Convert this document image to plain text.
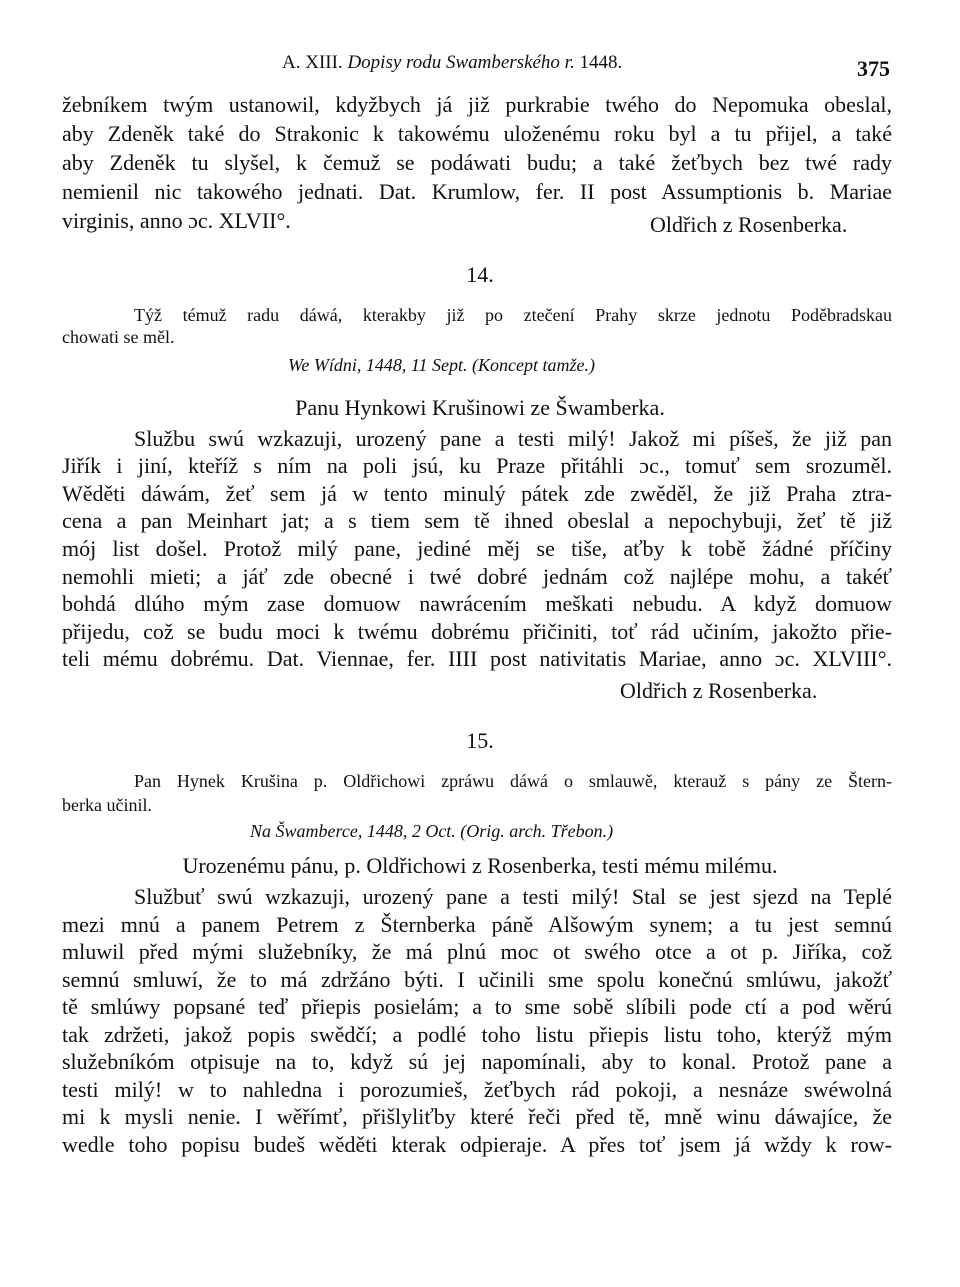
A. XIII. Dopisy rodu Swamberského r. 1448.	375
žebníkem twým ustanowil, kdyžbych já již purkrabie twého do Nepomuka obeslal,
aby Zdeněk také do Strakonic k takowému uloženému roku byl a tu přijel, a také
aby Zdeněk tu slyšel, k čemuž se podáwati budu; a také žeťbych bez twé rady
nemienil nic takowého jednati. Dat. Krumlow, fer. II post Assumptionis b. Mariae
virginis, anno ɔc. XLVII°.	Oldřich z Rosenberka.
14.
Týž témuž radu dáwá, kterakby již po ztečení Prahy skrze jednotu Poděbradskau
chowati se měl.
We Wídni, 1448, 11 Sept. (Koncept tamže.)
Panu Hynkowi Krušinowi ze Šwamberka.
Službu swú wzkazuji, urozený pane a testi milý! Jakož mi píšeš, že již pan
Jiřík i jiní, kteříž s ním na poli jsú, ku Praze přitáhli ɔc., tomuť sem srozuměl.
Wěděti dáwám, žeť sem já w tento minulý pátek zde zwěděl, že již Praha ztra-
cena a pan Meinhart jat; a s tiem sem tě ihned obeslal a nepochybuji, žeť tě již
mój list došel. Protož milý pane, jediné měj se tiše, aťby k tobě žádné příčiny
nemohli mieti; a jáť zde obecné i twé dobré jednám což najlépe mohu, a takéť
bohdá dlúho mým zase domuow nawrácením meškati nebudu. A když domuow
přijedu, což se budu moci k twému dobrému přičiniti, toť rád učiním, jakožto přie-
teli mému dobrému. Dat. Viennae, fer. IIII post nativitatis Mariae, anno ɔc. XLVIII°.
Oldřich z Rosenberka.
15.
Pan Hynek Krušina p. Oldřichowi zpráwu dáwá o smlauwě, kterauž s pány ze Štern-
berka učinil.
Na Šwamberce, 1448, 2 Oct. (Orig. arch. Třebon.)
Urozenému pánu, p. Oldřichowi z Rosenberka, testi mému milému.
Službuť swú wzkazuji, urozený pane a testi milý! Stal se jest sjezd na Teplé
mezi mnú a panem Petrem z Šternberka páně Alšowým synem; a tu jest semnú
mluwil před mými služebníky, že má plnú moc ot swého otce a ot p. Jiříka, což
semnú smluwí, že to má zdržáno býti. I učinili sme spolu konečnú smlúwu, jakožť
tě smlúwy popsané teď přiepis posielám; a to sme sobě slíbili pode ctí a pod wěrú
tak zdržeti, jakož popis swědčí; a podlé toho listu přiepis listu toho, kterýž mým
služebníkóm otpisuje na to, když sú jej napomínali, aby to konal. Protož pane a
testi milý! w to nahledna i porozumieš, žeťbych rád pokoji, a nesnáze swéwolná
mi k mysli nenie. I wěřímť, přišlyliťby které řeči před tě, mně winu dáwajíce, že
wedle toho popisu budeš wěděti kterak odpieraje. A přes toť jsem já wždy k row-
